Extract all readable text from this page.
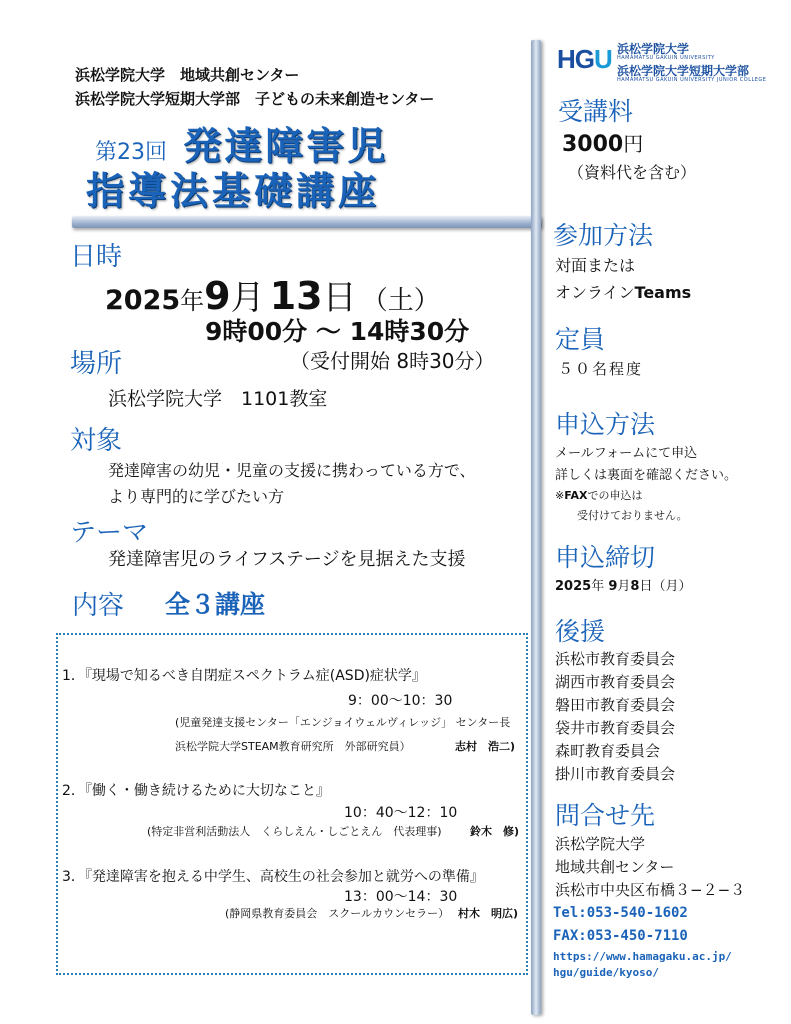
浜松学院大学　地域共創センター
浜松学院大学短期大学部　子どもの未来創造センター
第23回 発達障害児
指導法基礎講座
日時
2025年9月 13日 （土）
9時00分 ～ 14時30分
（受付開始 8時30分）
場所
浜松学院大学　1101教室
対象
発達障害の幼児・児童の支援に携わっている方で、
より専門的に学びたい方
テーマ
発達障害児のライフステージを見据えた支援
内容 全３講座
1．『現場で知るべき自閉症スペクトラム症(ASD)症状学』
9：00～10：30
(児童発達支援センター「エンジョイウェルヴィレッジ」 センター長
浜松学院大学STEAM教育研究所　外部研究員）	志村　浩二)
2．『働く・働き続けるために大切なこと』
10：40～12：10
(特定非営利活動法人　くらしえん・しごとえん　代表理事)	鈴木　修)
3．『発達障害を抱える中学生、高校生の社会参加と就労への準備』
13：00～14：30
(静岡県教育委員会　スクールカウンセラー） 村木　明広)
HGU 浜松学院大学
HAMAMATSU GAKUIN UNIVERSITY
浜松学院大学短期大学部
HAMAMATSU GAKUIN UNIVERSITY JUNIOR COLLEGE
受講料
3000円
（資料代を含む）
参加方法
対面または
オンラインTeams
定員
５０名程度
申込方法
メールフォームにて申込
詳しくは裏面を確認ください。
※FAXでの申込は
受付けておりません。
申込締切
2025年 9月8日（月）
後援
浜松市教育委員会
湖西市教育委員会
磐田市教育委員会
袋井市教育委員会
森町教育委員会
掛川市教育委員会
問合せ先
浜松学院大学
地域共創センター
浜松市中央区布橋３−２−３
Tel:053-540-1602
FAX:053-450-7110
https://www.hamagaku.ac.jp/
hgu/guide/kyoso/
